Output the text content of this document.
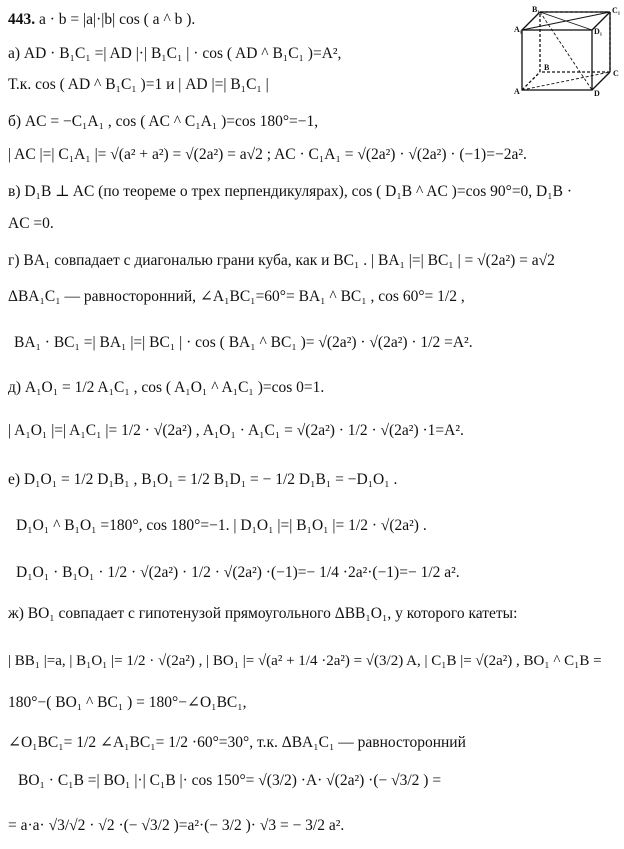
443. a · b = |a|·|b| cos ( a ^ b ).
B₁	C₁
A₁	D₁
B
C
A	D
а) AD · B₁C₁ =| AD |·| B₁C₁ | · cos ( AD ^ B₁C₁ )=A²,
Т.к. cos ( AD ^ B₁C₁ )=1 и | AD |=| B₁C₁ |
б) AC = −C₁A₁ , cos ( AC ^ C₁A₁ )=cos 180°=−1,
| AC |=| C₁A₁ |= √(a² + a²) = √(2a²) = a√2 ; AC · C₁A₁ = √(2a²) · √(2a²) · (−1)=−2a².
в) D₁B ⊥ AC (по теореме о трех перпендикулярах), cos ( D₁B ^ AC )=cos 90°=0, D₁B ·
AC =0.
г) BA₁ совпадает с диагональю грани куба, как и BC₁ . | BA₁ |=| BC₁ | = √(2a²) = a√2
ΔBA₁C₁ — равносторонний, ∠A₁BC₁=60°= BA₁ ^ BC₁ , cos 60°= 1/2 ,
BA₁ · BC₁ =| BA₁ |=| BC₁ | · cos ( BA₁ ^ BC₁ )= √(2a²) · √(2a²) · 1/2 =A².
д) A₁O₁ = 1/2 A₁C₁ , cos ( A₁O₁ ^ A₁C₁ )=cos 0=1.
| A₁O₁ |=| A₁C₁ |= 1/2 · √(2a²) , A₁O₁ · A₁C₁ = √(2a²) · 1/2 · √(2a²) ·1=A².
е) D₁O₁ = 1/2 D₁B₁ , B₁O₁ = 1/2 B₁D₁ = − 1/2 D₁B₁ = −D₁O₁ .
D₁O₁ ^ B₁O₁ =180°, cos 180°=−1. | D₁O₁ |=| B₁O₁ |= 1/2 · √(2a²) .
D₁O₁ · B₁O₁ · 1/2 · √(2a²) · 1/2 · √(2a²) ·(−1)=− 1/4 ·2a²·(−1)=− 1/2 a².
ж) BO₁ совпадает с гипотенузой прямоугольного ΔBB₁O₁, у которого катеты:
| BB₁ |=a, | B₁O₁ |= 1/2 · √(2a²) , | BO₁ |= √(a² + 1/4 ·2a²) = √(3/2) A, | C₁B |= √(2a²) , BO₁ ^ C₁B =
180°−( BO₁ ^ BC₁ ) = 180°−∠O₁BC₁,
∠O₁BC₁= 1/2 ∠A₁BC₁= 1/2 ·60°=30°, т.к. ΔBA₁C₁ — равносторонний
BO₁ · C₁B =| BO₁ |·| C₁B |· cos 150°= √(3/2) ·A· √(2a²) ·(− √3/2 ) =
= a·a· √3/√2 · √2 ·(− √3/2 )=a²·(− 3/2 )· √3 = − 3/2 a².
